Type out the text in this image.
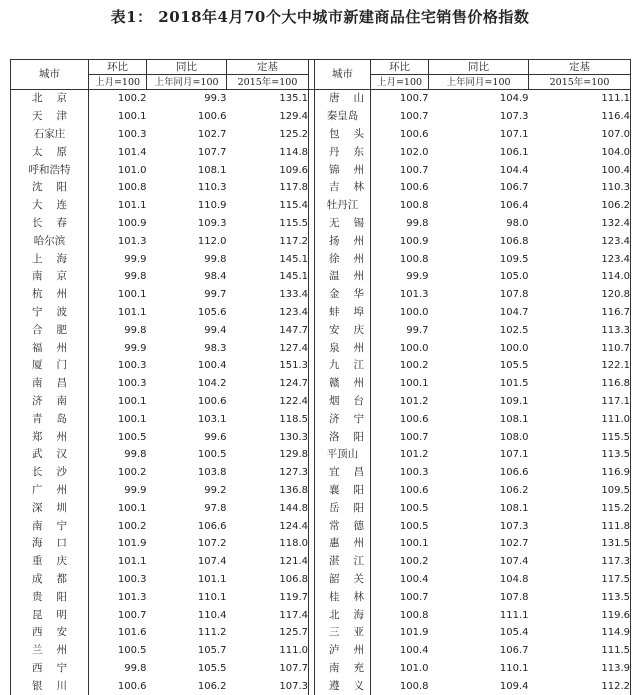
表1： 2018年4月70个大中城市新建商品住宅销售价格指数
城市	环比	同比	定基		城市	环比	同比	定基
	上月=100	上年同月=100	2015年=100			上月=100	上年同月=100	2015年=100
北京	100.2	99.3	135.1		唐山	100.7	104.9	111.1
天津	100.1	100.6	129.4		秦皇岛	100.7	107.3	116.4
石家庄	100.3	102.7	125.2		包头	100.6	107.1	107.0
太原	101.4	107.7	114.8		丹东	102.0	106.1	104.0
呼和浩特	101.0	108.1	109.6		锦州	100.7	104.4	100.4
沈阳	100.8	110.3	117.8		吉林	100.6	106.7	110.3
大连	101.1	110.9	115.4		牡丹江	100.8	106.4	106.2
长春	100.9	109.3	115.5		无锡	99.8	98.0	132.4
哈尔滨	101.3	112.0	117.2		扬州	100.9	106.8	123.4
上海	99.9	99.8	145.1		徐州	100.8	109.5	123.4
南京	99.8	98.4	145.1		温州	99.9	105.0	114.0
杭州	100.1	99.7	133.4		金华	101.3	107.8	120.8
宁波	101.1	105.6	123.4		蚌埠	100.0	104.7	116.7
合肥	99.8	99.4	147.7		安庆	99.7	102.5	113.3
福州	99.9	98.3	127.4		泉州	100.0	100.0	110.7
厦门	100.3	100.4	151.3		九江	100.2	105.5	122.1
南昌	100.3	104.2	124.7		赣州	100.1	101.5	116.8
济南	100.1	100.6	122.4		烟台	101.2	109.1	117.1
青岛	100.1	103.1	118.5		济宁	100.6	108.1	111.0
郑州	100.5	99.6	130.3		洛阳	100.7	108.0	115.5
武汉	99.8	100.5	129.8		平顶山	101.2	107.1	113.5
长沙	100.2	103.8	127.3		宜昌	100.3	106.6	116.9
广州	99.9	99.2	136.8		襄阳	100.6	106.2	109.5
深圳	100.1	97.8	144.8		岳阳	100.5	108.1	115.2
南宁	100.2	106.6	124.4		常德	100.5	107.3	111.8
海口	101.9	107.2	118.0		惠州	100.1	102.7	131.5
重庆	101.1	107.4	121.4		湛江	100.2	107.4	117.3
成都	100.3	101.1	106.8		韶关	100.4	104.8	117.5
贵阳	101.3	110.1	119.7		桂林	100.7	107.8	113.5
昆明	100.7	110.4	117.4		北海	100.8	111.1	119.6
西安	101.6	111.2	125.7		三亚	101.9	105.4	114.9
兰州	100.5	105.7	111.0		泸州	100.4	106.7	111.5
西宁	99.8	105.5	107.7		南充	101.0	110.1	113.9
银川	100.6	106.2	107.3		遵义	100.8	109.4	112.2
